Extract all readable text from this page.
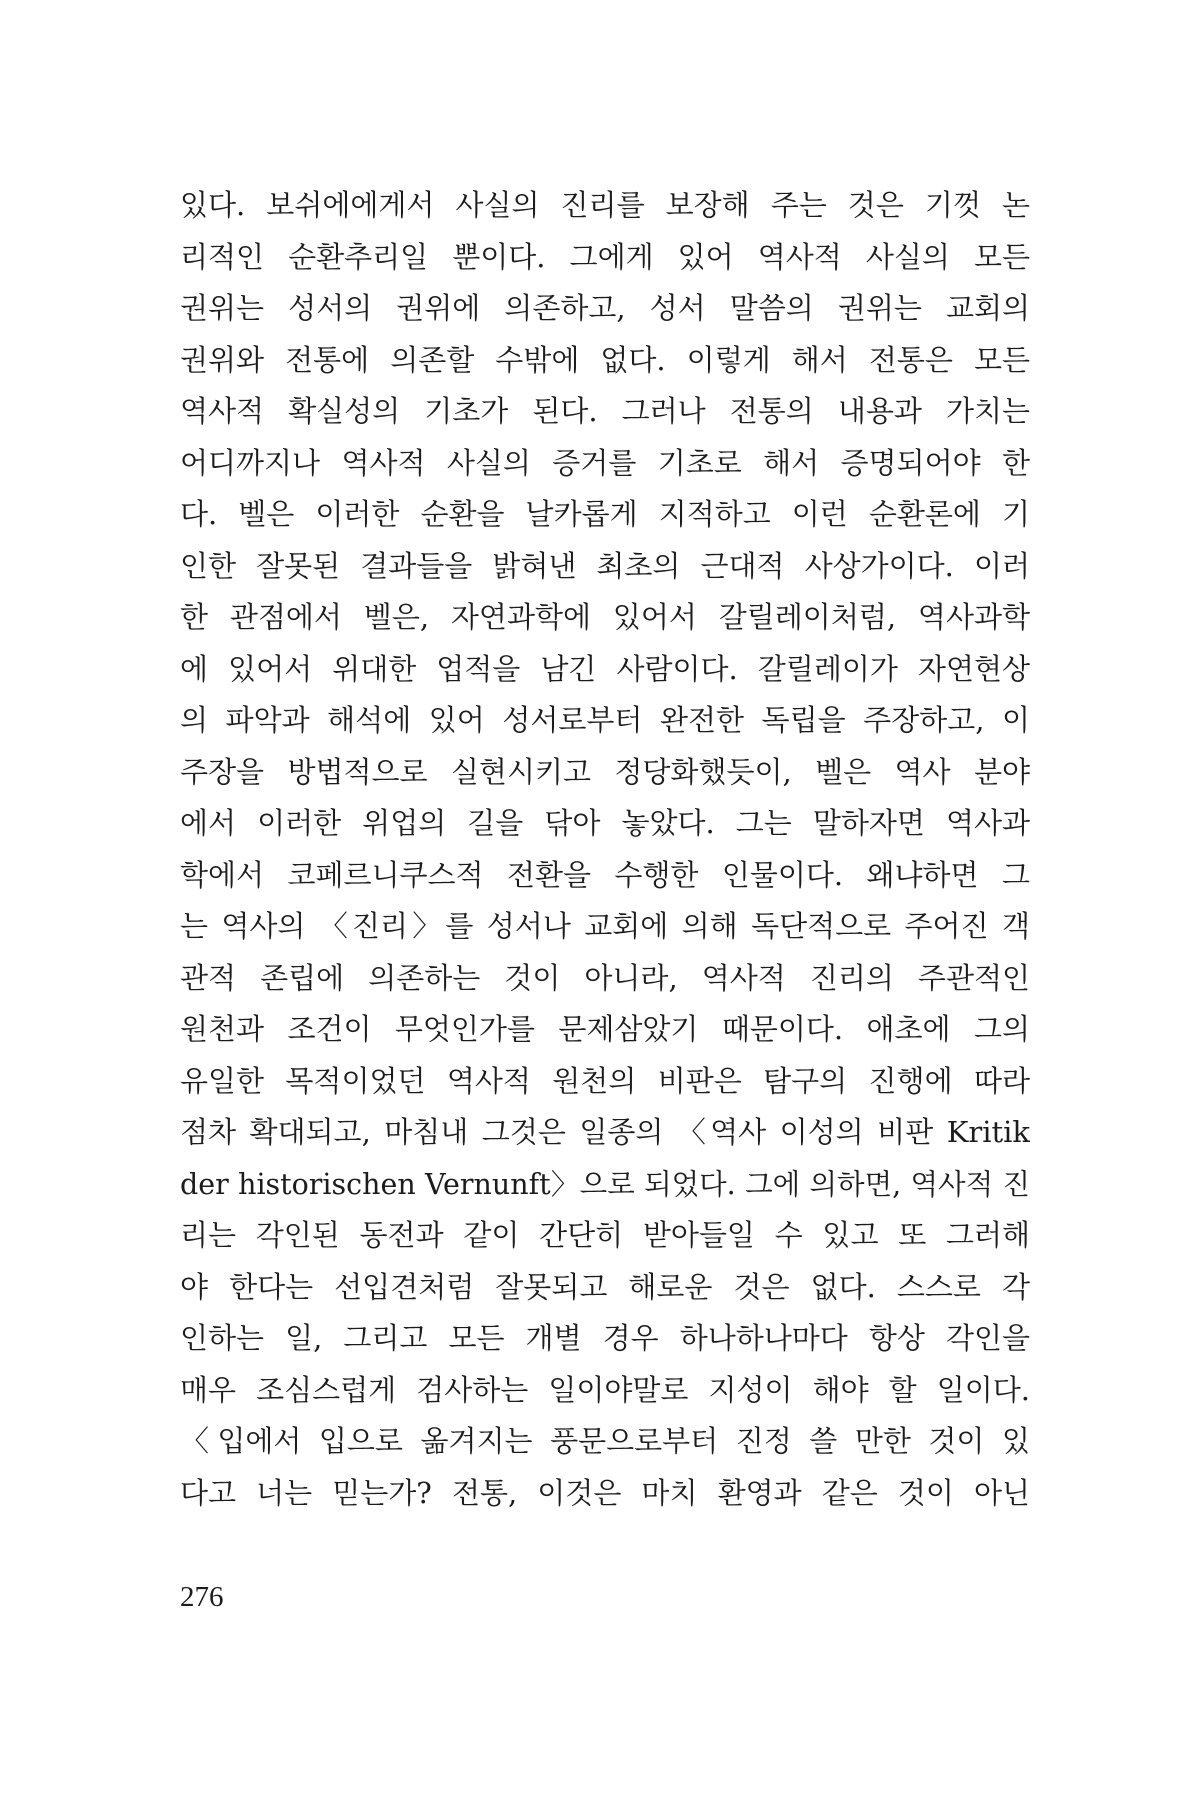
있다. 보쉬에에게서 사실의 진리를 보장해 주는 것은 기껏 논
리적인 순환추리일 뿐이다. 그에게 있어 역사적 사실의 모든
권위는 성서의 권위에 의존하고, 성서 말씀의 권위는 교회의
권위와 전통에 의존할 수밖에 없다. 이렇게 해서 전통은 모든
역사적 확실성의 기초가 된다. 그러나 전통의 내용과 가치는
어디까지나 역사적 사실의 증거를 기초로 해서 증명되어야 한
다. 벨은 이러한 순환을 날카롭게 지적하고 이런 순환론에 기
인한 잘못된 결과들을 밝혀낸 최초의 근대적 사상가이다. 이러
한 관점에서 벨은, 자연과학에 있어서 갈릴레이처럼, 역사과학
에 있어서 위대한 업적을 남긴 사람이다. 갈릴레이가 자연현상
의 파악과 해석에 있어 성서로부터 완전한 독립을 주장하고, 이
주장을 방법적으로 실현시키고 정당화했듯이, 벨은 역사 분야
에서 이러한 위업의 길을 닦아 놓았다. 그는 말하자면 역사과
학에서 코페르니쿠스적 전환을 수행한 인물이다. 왜냐하면 그
는 역사의 〈진리〉를 성서나 교회에 의해 독단적으로 주어진 객
관적 존립에 의존하는 것이 아니라, 역사적 진리의 주관적인
원천과 조건이 무엇인가를 문제삼았기 때문이다. 애초에 그의
유일한 목적이었던 역사적 원천의 비판은 탐구의 진행에 따라
점차 확대되고, 마침내 그것은 일종의 〈역사 이성의 비판 Kritik
der historischen Vernunft〉으로 되었다. 그에 의하면, 역사적 진
리는 각인된 동전과 같이 간단히 받아들일 수 있고 또 그러해
야 한다는 선입견처럼 잘못되고 해로운 것은 없다. 스스로 각
인하는 일, 그리고 모든 개별 경우 하나하나마다 항상 각인을
매우 조심스럽게 검사하는 일이야말로 지성이 해야 할 일이다.
〈입에서 입으로 옮겨지는 풍문으로부터 진정 쓸 만한 것이 있
다고 너는 믿는가? 전통, 이것은 마치 환영과 같은 것이 아닌
276
